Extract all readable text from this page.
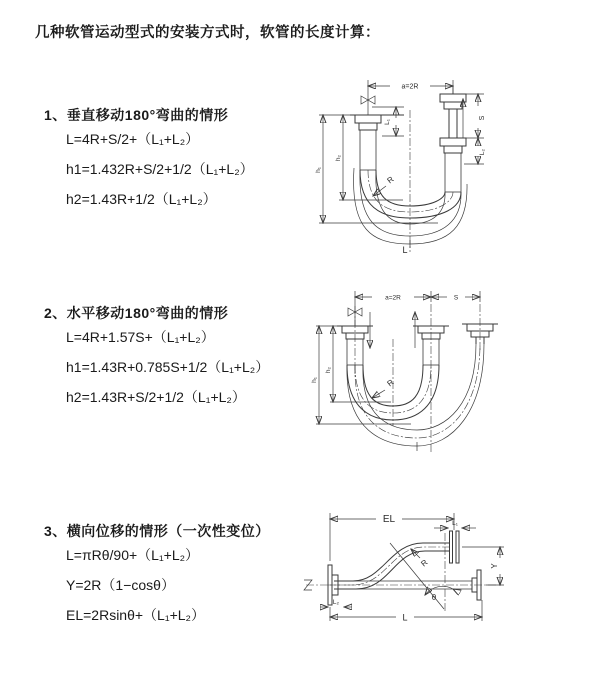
几种软管运动型式的安装方式时，软管的长度计算：
1、垂直移动180°弯曲的情形
L=4R+S/2+（L₁+L₂）
h1=1.432R+S/2+1/2（L₁+L₂）
h2=1.43R+1/2（L₁+L₂）
2、水平移动180°弯曲的情形
L=4R+1.57S+（L₁+L₂）
h1=1.43R+0.785S+1/2（L₁+L₂）
h2=1.43R+S/2+1/2（L₁+L₂）
3、横向位移的情形（一次性变位）
L=πRθ/90+（L₁+L₂）
Y=2R（1−cosθ）
EL=2Rsinθ+（L₁+L₂）
a=2R
L₁
S
L₂
h₁
h₂
R
L
a=2R	S
h₁
h₂
R
EL	L₁
R
θ
Y
L₂
L
